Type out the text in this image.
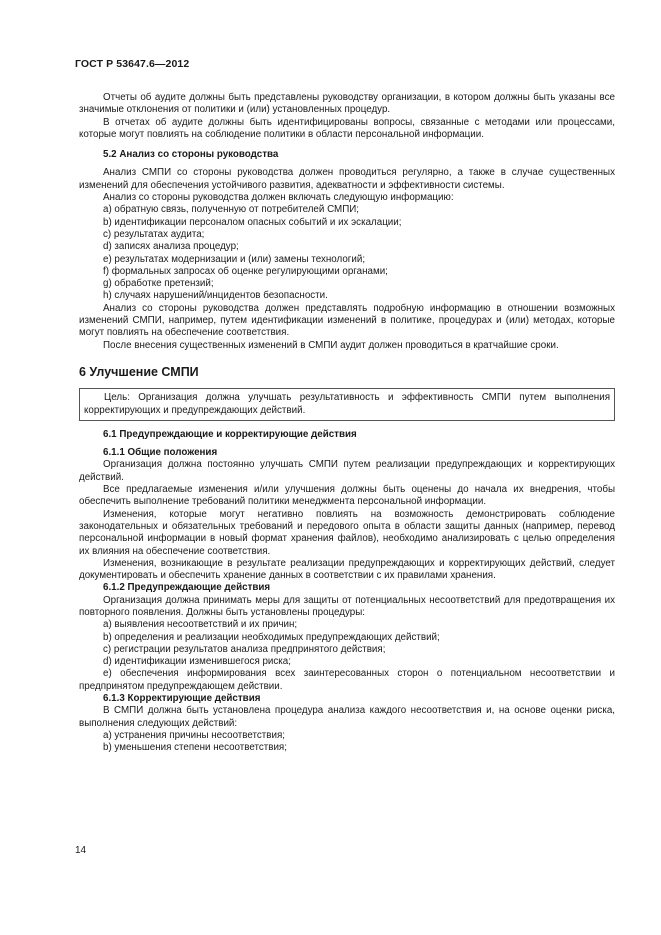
ГОСТ Р 53647.6—2012

Отчеты об аудите должны быть представлены руководству организации, в котором должны быть указаны все значимые отклонения от политики и (или) установленных процедур.

В отчетах об аудите должны быть идентифицированы вопросы, связанные с методами или процессами, которые могут повлиять на соблюдение политики в области персональной информации.

5.2 Анализ со стороны руководства

Анализ СМПИ со стороны руководства должен проводиться регулярно, а также в случае существенных изменений для обеспечения устойчивого развития, адекватности и эффективности системы.

Анализ со стороны руководства должен включать следующую информацию:

a) обратную связь, полученную от потребителей СМПИ;

b) идентификации персоналом опасных событий и их эскалации;

c) результатах аудита;

d) записях анализа процедур;

e) результатах модернизации и (или) замены технологий;

f) формальных запросах об оценке регулирующими органами;

g) обработке претензий;

h) случаях нарушений/инцидентов безопасности.

Анализ со стороны руководства должен представлять подробную информацию в отношении возможных изменений СМПИ, например, путем идентификации изменений в политике, процедурах и (или) методах, которые могут повлиять на обеспечение соответствия.

После внесения существенных изменений в СМПИ аудит должен проводиться в кратчайшие сроки.

6 Улучшение СМПИ

Цель: Организация должна улучшать результативность и эффективность СМПИ путем выполнения корректирующих и предупреждающих действий.

6.1 Предупреждающие и корректирующие действия

6.1.1 Общие положения

Организация должна постоянно улучшать СМПИ путем реализации предупреждающих и корректирующих действий.

Все предлагаемые изменения и/или улучшения должны быть оценены до начала их внедрения, чтобы обеспечить выполнение требований политики менеджмента персональной информации.

Изменения, которые могут негативно повлиять на возможность демонстрировать соблюдение законодательных и обязательных требований и передового опыта в области защиты данных (например, перевод персональной информации в новый формат хранения файлов), необходимо анализировать с целью определения их влияния на обеспечение соответствия.

Изменения, возникающие в результате реализации предупреждающих и корректирующих действий, следует документировать и обеспечить хранение данных в соответствии с их правилами хранения.

6.1.2 Предупреждающие действия

Организация должна принимать меры для защиты от потенциальных несоответствий для предотвращения их повторного появления. Должны быть установлены процедуры:

a) выявления несоответствий и их причин;

b) определения и реализации необходимых предупреждающих действий;

c) регистрации результатов анализа предпринятого действия;

d) идентификации изменившегося риска;

e) обеспечения информирования всех заинтересованных сторон о потенциальном несоответствии и предпринятом предупреждающем действии.

6.1.3 Корректирующие действия

В СМПИ должна быть установлена процедура анализа каждого несоответствия и, на основе оценки риска, выполнения следующих действий:

a) устранения причины несоответствия;

b) уменьшения степени несоответствия;

14
